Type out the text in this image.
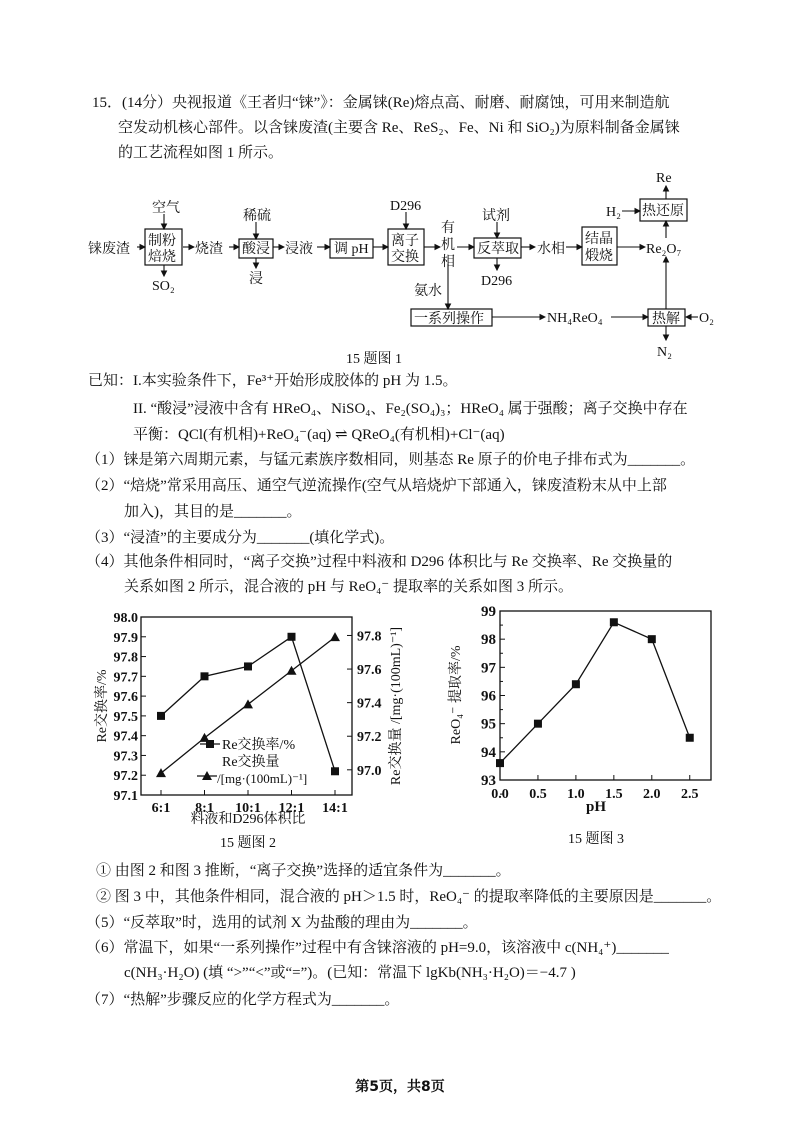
15．(14分）央视报道《王者归“铼”》：金属铼(Re)熔点高、耐磨、耐腐蚀，可用来制造航
空发动机核心部件。以含铼废渣(主要含 Re、ReS₂、Fe、Ni 和 SiO₂)为原料制备金属铼
的工艺流程如图 1 所示。
铼废渣
空气
制粉
焙烧
SO₂
烧渣
稀硫
酸浸
浸
浸液 调 pH
D296
离子
交换
有
机
相
试剂
反萃取
D296
水相
结晶
煅烧 Re₂O₇
H₂ 热还原
Re
氨水
一系列操作	NH₄ReO₄	热解 O₂
N₂
15 题图 1
已知：I.本实验条件下，Fe³⁺开始形成胶体的 pH 为 1.5。
II. “酸浸”浸液中含有 HReO₄、NiSO₄、Fe₂(SO₄)₃；HReO₄ 属于强酸；离子交换中存在
平衡：QCl(有机相)+ReO₄⁻(aq) ⇌ QReO₄(有机相)+Cl⁻(aq)
（1）铼是第六周期元素，与锰元素族序数相同，则基态 Re 原子的价电子排布式为_______。
（2）“焙烧”常采用高压、通空气逆流操作(空气从培烧炉下部通入，铼废渣粉末从中上部
加入)，其目的是_______。
（3）“浸渣”的主要成分为_______(填化学式)。
（4）其他条件相同时，“离子交换”过程中料液和 D296 体积比与 Re 交换率、Re 交换量的
关系如图 2 所示，混合液的 pH 与 ReO₄⁻ 提取率的关系如图 3 所示。
97.1
97.2
97.3
97.4
97.5
97.6
97.7
97.8
97.9
98.0
97.0
97.2
97.4
97.6
97.8
6:1 8:1 10:1 12:1 14:1
Re交换率/%
Re交换量
/[mg·(100mL)⁻¹]
Re交换率/%	Re交换量 /[mg·(100mL)⁻¹]
料液和D296体积比
15 题图 2
93
94
95
96
97
98
99
0.0 0.5 1.0 1.5 2.0 2.5
ReO₄⁻ 提取率/%
pH
15 题图 3
① 由图 2 和图 3 推断，“离子交换”选择的适宜条件为_______。
② 图 3 中，其他条件相同，混合液的 pH＞1.5 时，ReO₄⁻ 的提取率降低的主要原因是_______。
（5）“反萃取”时，选用的试剂 X 为盐酸的理由为_______。
（6）常温下，如果“一系列操作”过程中有含铼溶液的 pH=9.0，该溶液中 c(NH₄⁺)_______
c(NH₃·H₂O) (填 “>”“<”或“=”)。(已知：常温下 lgKb(NH₃·H₂O)＝−4.7 )
（7）“热解”步骤反应的化学方程式为_______。
第5页，共8页
